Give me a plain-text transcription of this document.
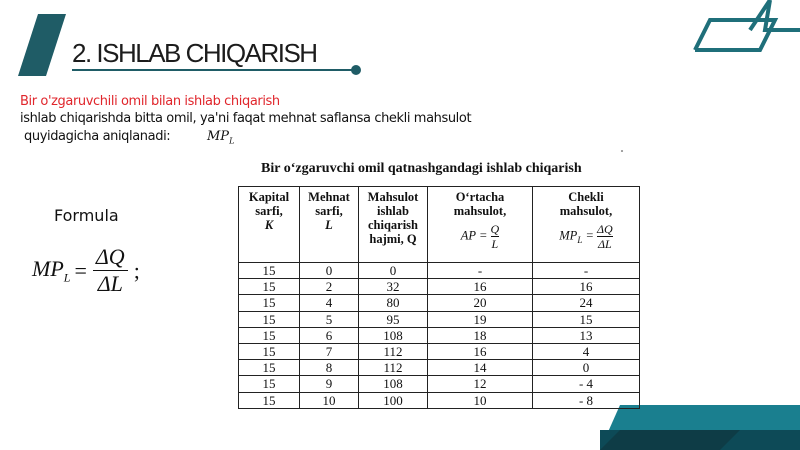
2. ISHLAB CHIQARISH
Bir o'zgaruvchili omil bilan ishlab chiqarish
ishlab chiqarishda bitta omil, ya'ni faqat mehnat saflansa chekli mahsulot
quyidagicha aniqlanadi:	$MP_L$
Bir oʻzgaruvchi omil qatnashgandagi ishlab chiqarish
˚
Formula
$MP_L = \frac{\Delta Q}{\Delta L}$ ;
Kapital
sarfi,
K	Mehnat
sarfi,
L	Mahsulot
ishlab
chiqarish
hajmi, Q	Oʻrtacha
mahsulot,
AP = $\frac{Q}{L}$	Chekli
mahsulot,
$MP_L = \frac{\Delta Q}{\Delta L}$

15	0	0	-	-
15	2	32	16	16
15	4	80	20	24
15	5	95	19	15
15	6	108	18	13
15	7	112	16	4
15	8	112	14	0
15	9	108	12	- 4
15	10	100	10	- 8
